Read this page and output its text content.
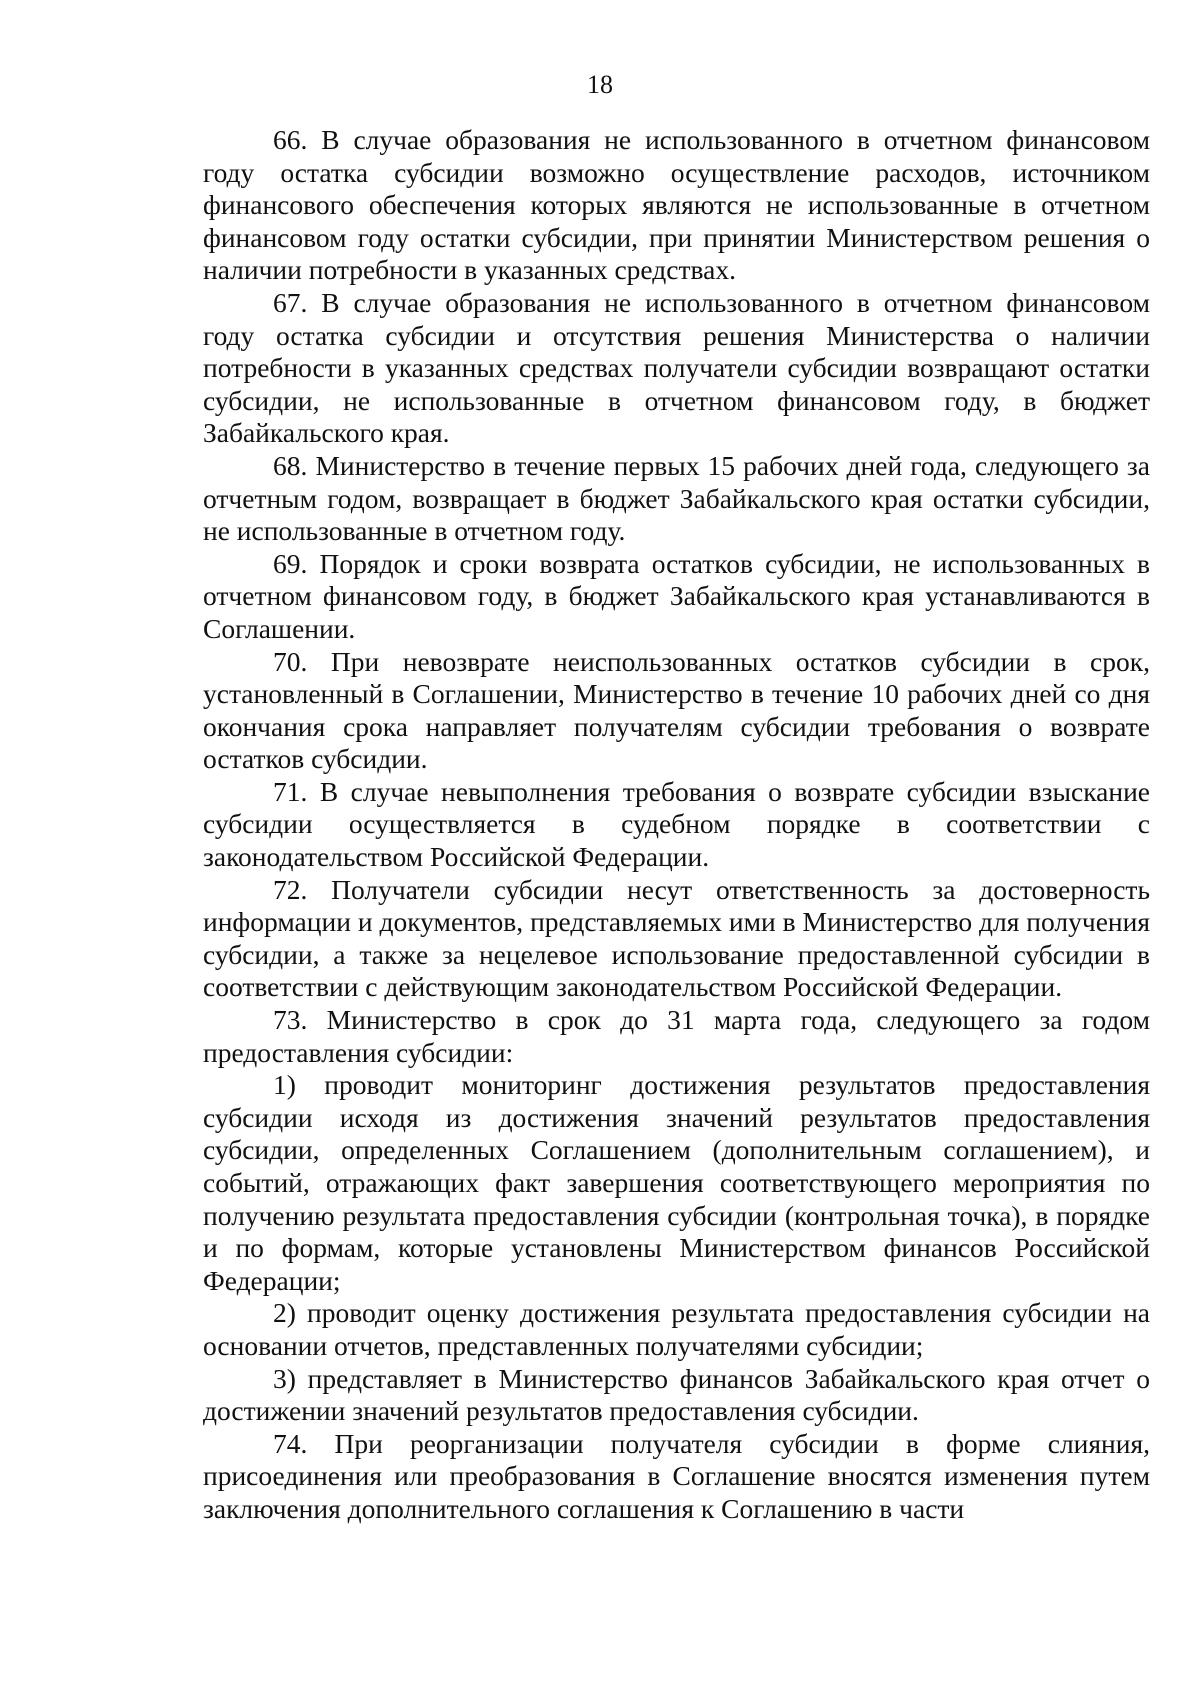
18

66. В случае образования не использованного в отчетном финансовом году остатка субсидии возможно осуществление расходов, источником финансового обеспечения которых являются не использованные в отчетном финансовом году остатки субсидии, при принятии Министерством решения о наличии потребности в указанных средствах.

67. В случае образования не использованного в отчетном финансовом году остатка субсидии и отсутствия решения Министерства о наличии потребности в указанных средствах получатели субсидии возвращают остатки субсидии, не использованные в отчетном финансовом году, в бюджет Забайкальского края.

68. Министерство в течение первых 15 рабочих дней года, следующего за отчетным годом, возвращает в бюджет Забайкальского края остатки субсидии, не использованные в отчетном году.

69. Порядок и сроки возврата остатков субсидии, не использованных в отчетном финансовом году, в бюджет Забайкальского края устанавливаются в Соглашении.

70. При невозврате неиспользованных остатков субсидии в срок, установленный в Соглашении, Министерство в течение 10 рабочих дней со дня окончания срока направляет получателям субсидии требования о возврате остатков субсидии.

71. В случае невыполнения требования о возврате субсидии взыскание субсидии осуществляется в судебном порядке в соответствии с законодательством Российской Федерации.

72. Получатели субсидии несут ответственность за достоверность информации и документов, представляемых ими в Министерство для получения субсидии, а также за нецелевое использование предоставленной субсидии в соответствии с действующим законодательством Российской Федерации.

73. Министерство в срок до 31 марта года, следующего за годом предоставления субсидии:

1) проводит мониторинг достижения результатов предоставления субсидии исходя из достижения значений результатов предоставления субсидии, определенных Соглашением (дополнительным соглашением), и событий, отражающих факт завершения соответствующего мероприятия по получению результата предоставления субсидии (контрольная точка), в порядке и по формам, которые установлены Министерством финансов Российской Федерации;

2) проводит оценку достижения результата предоставления субсидии на основании отчетов, представленных получателями субсидии;

3) представляет в Министерство финансов Забайкальского края отчет о достижении значений результатов предоставления субсидии.

74. При реорганизации получателя субсидии в форме слияния, присоединения или преобразования в Соглашение вносятся изменения путем заключения дополнительного соглашения к Соглашению в части
